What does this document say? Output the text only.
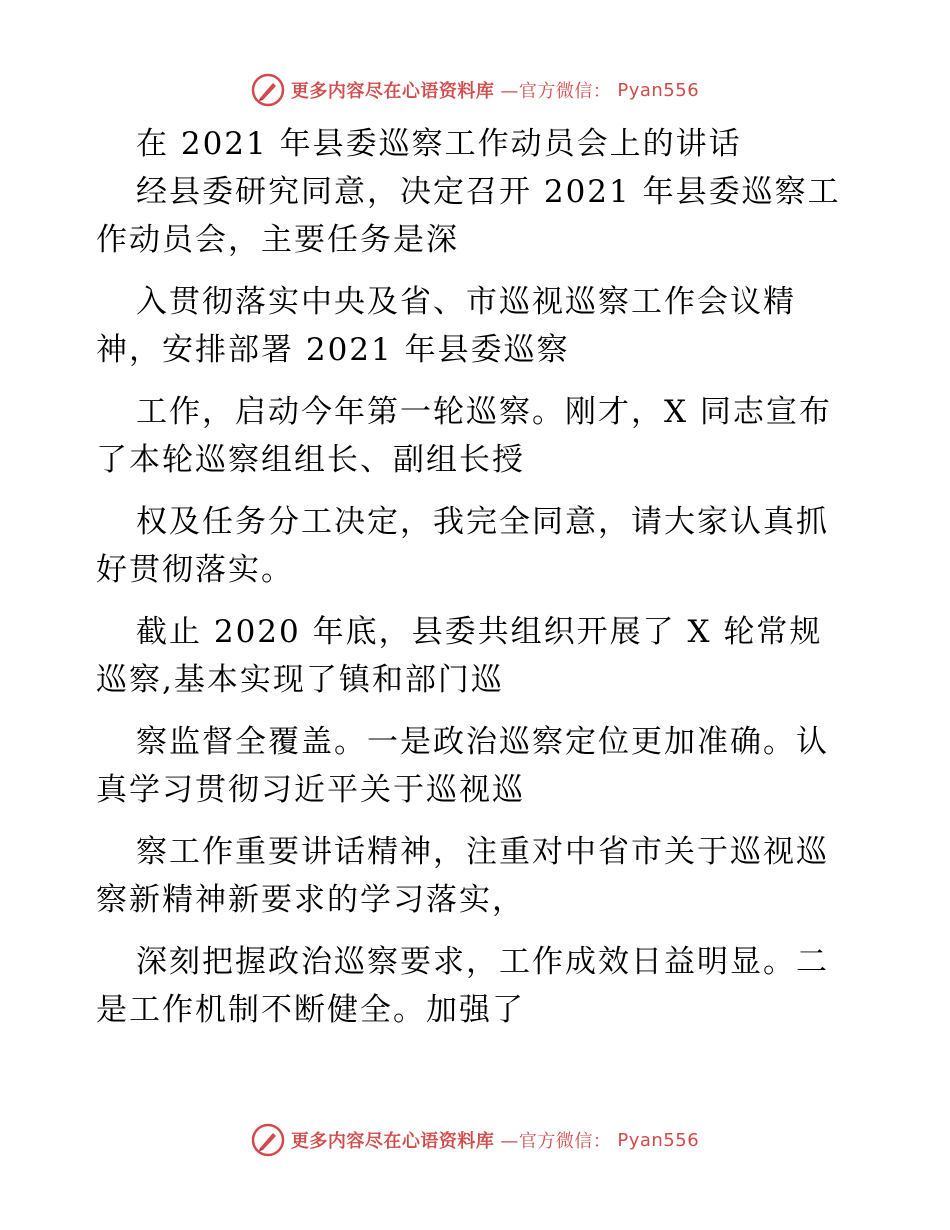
更多内容尽在心语资料库 —官方微信： Pyan556
在 2021 年县委巡察工作动员会上的讲话
经县委研究同意，决定召开 2021 年县委巡察工
作动员会，主要任务是深
入贯彻落实中央及省、市巡视巡察工作会议精
神，安排部署 2021 年县委巡察
工作，启动今年第一轮巡察。刚才，X 同志宣布
了本轮巡察组组长、副组长授
权及任务分工决定，我完全同意，请大家认真抓
好贯彻落实。
截止 2020 年底，县委共组织开展了 X 轮常规
巡察,基本实现了镇和部门巡
察监督全覆盖。一是政治巡察定位更加准确。认
真学习贯彻习近平关于巡视巡
察工作重要讲话精神，注重对中省市关于巡视巡
察新精神新要求的学习落实，
深刻把握政治巡察要求，工作成效日益明显。二
是工作机制不断健全。加强了
更多内容尽在心语资料库 —官方微信： Pyan556
